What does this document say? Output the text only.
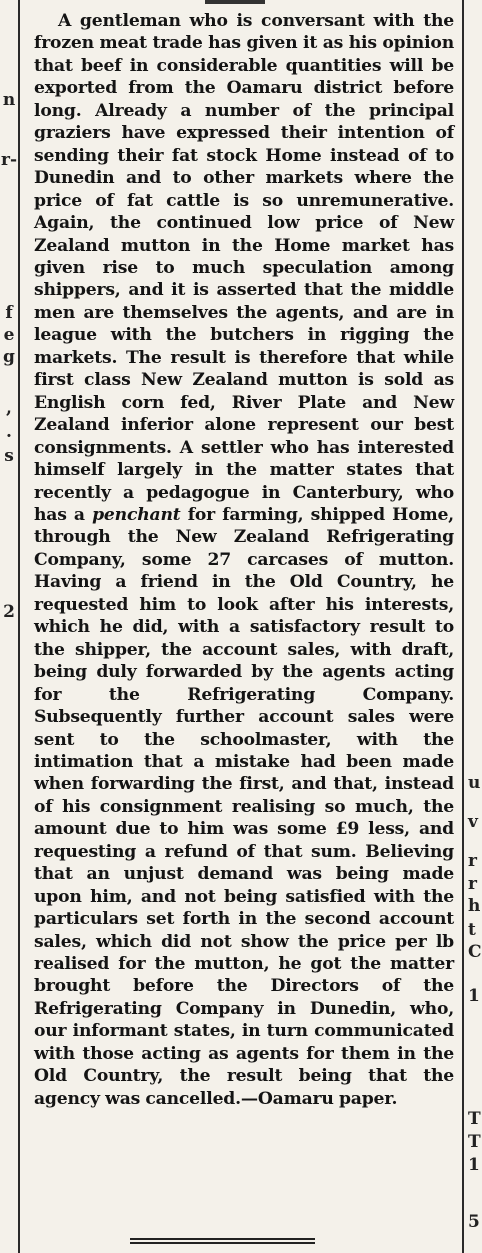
n
r-
f
e
g
,
.
s
2
u
v
r
r
h
t
C
1
T
T
1
5

A gentleman who is conversant with the frozen meat trade has given it as his opinion that beef in considerable quantities will be exported from the Oamaru district before long. Already a number of the principal graziers have expressed their intention of sending their fat stock Home instead of to Dunedin and to other markets where the price of fat cattle is so unremunerative. Again, the continued low price of New Zealand mutton in the Home market has given rise to much speculation among shippers, and it is asserted that the middle men are themselves the agents, and are in league with the butchers in rigging the markets. The result is therefore that while first class New Zealand mutton is sold as English corn fed, River Plate and New Zealand inferior alone represent our best consignments. A settler who has interested himself largely in the matter states that recently a pedagogue in Canterbury, who has a penchant for farming, shipped Home, through the New Zealand Refrigerating Company, some 27 carcases of mutton. Having a friend in the Old Country, he requested him to look after his interests, which he did, with a satisfactory result to the shipper, the account sales, with draft, being duly forwarded by the agents acting for the Refrigerating Company. Subsequently further account sales were sent to the schoolmaster, with the intimation that a mistake had been made when forwarding the first, and that, instead of his consignment realising so much, the amount due to him was some £9 less, and requesting a refund of that sum. Believing that an unjust demand was being made upon him, and not being satisfied with the particulars set forth in the second account sales, which did not show the price per lb realised for the mutton, he got the matter brought before the Directors of the Refrigerating Company in Dunedin, who, our informant states, in turn communicated with those acting as agents for them in the Old Country, the result being that the agency was cancelled.—Oamaru paper.
